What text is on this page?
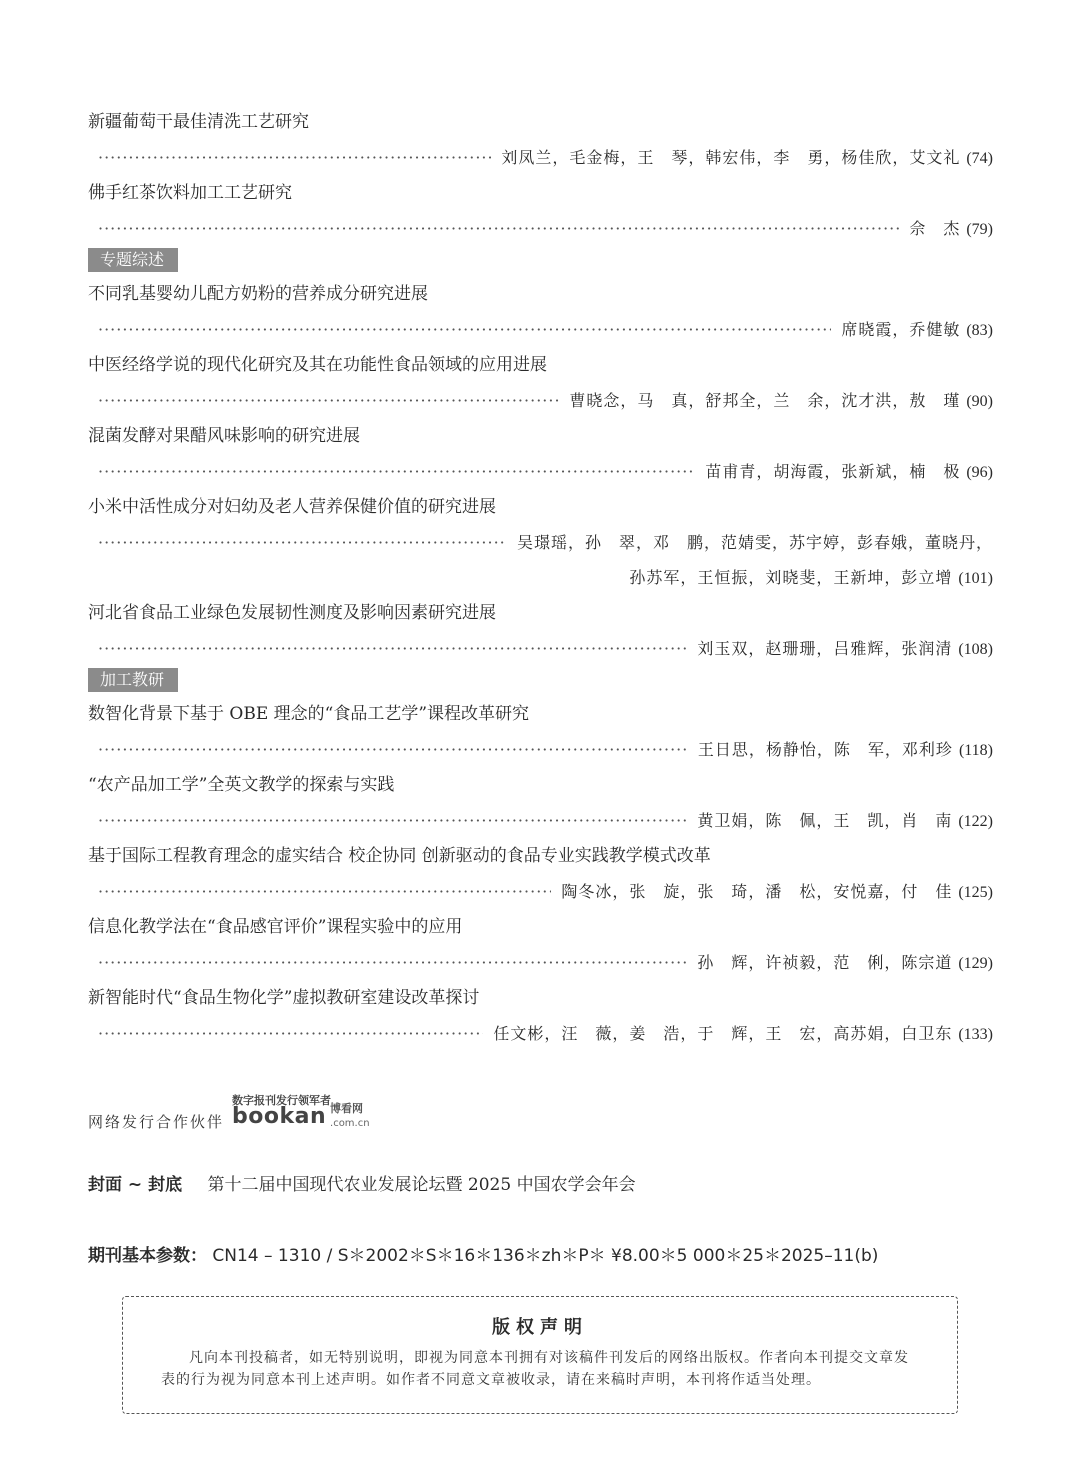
新疆葡萄干最佳清洗工艺研究
·····
刘凤兰，毛金梅，王　琴，韩宏伟，李　勇，杨佳欣，艾文礼 (74)
佛手红茶饮料加工工艺研究
·····
佘　杰 (79)
专题综述
不同乳基婴幼儿配方奶粉的营养成分研究进展
·····
席晓霞，乔健敏 (83)
中医经络学说的现代化研究及其在功能性食品领域的应用进展
·····
曹晓念，马　真，舒邦全，兰　余，沈才洪，敖　瑾 (90)
混菌发酵对果醋风味影响的研究进展
·····
苗甫青，胡海霞，张新斌，楠　极 (96)
小米中活性成分对妇幼及老人营养保健价值的研究进展
·····
吴璟瑶，孙　翠，邓　鹏，范婧雯，苏宇婷，彭春娥，董晓丹，
孙苏军，王恒振，刘晓斐，王新坤，彭立增 (101)
河北省食品工业绿色发展韧性测度及影响因素研究进展
·····
刘玉双，赵珊珊，吕雅辉，张润清 (108)
加工教研
数智化背景下基于 OBE 理念的“食品工艺学”课程改革研究
·····
王日思，杨静怡，陈　军，邓利珍 (118)
“农产品加工学”全英文教学的探索与实践
·····
黄卫娟，陈　佩，王　凯，肖　南 (122)
基于国际工程教育理念的虚实结合 校企协同 创新驱动的食品专业实践教学模式改革
·····
陶冬冰，张　旋，张　琦，潘　松，安悦嘉，付　佳 (125)
信息化教学法在“食品感官评价”课程实验中的应用
·····
孙　辉，许祯毅，范　俐，陈宗道 (129)
新智能时代“食品生物化学”虚拟教研室建设改革探讨
·····
任文彬，汪　薇，姜　浩，于　辉，王　宏，高苏娟，白卫东 (133)
网络发行合作伙伴
数字报刊发行领军者
bookan 博看网
.com.cn
封面 ~ 封底 第十二届中国现代农业发展论坛暨 2025 中国农学会年会
期刊基本参数： CN14 – 1310 / S＊2002＊S＊16＊136＊zh＊P＊ ¥8.00＊5 000＊25＊2025–11(b)
版权声明
凡向本刊投稿者，如无特别说明，即视为同意本刊拥有对该稿件刊发后的网络出版权。作者向本刊提交文章发表的行为视为同意本刊上述声明。如作者不同意文章被收录，请在来稿时声明，本刊将作适当处理。
